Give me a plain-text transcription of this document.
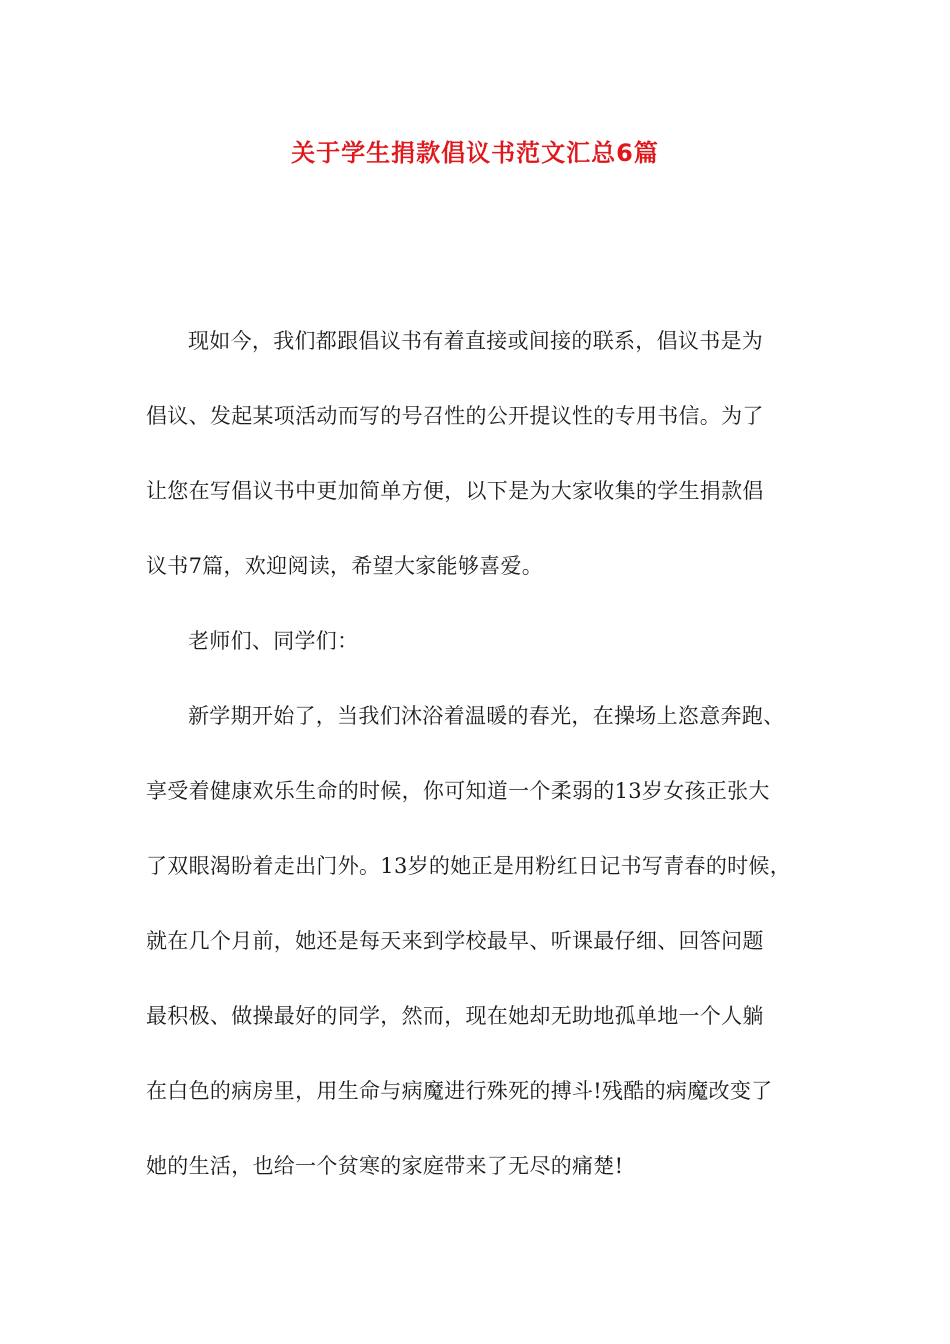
关于学生捐款倡议书范文汇总6篇
现如今，我们都跟倡议书有着直接或间接的联系，倡议书是为
倡议、发起某项活动而写的号召性的公开提议性的专用书信。为了
让您在写倡议书中更加简单方便，以下是为大家收集的学生捐款倡
议书7篇，欢迎阅读，希望大家能够喜爱。
老师们、同学们：
新学期开始了，当我们沐浴着温暖的春光，在操场上恣意奔跑、
享受着健康欢乐生命的时候，你可知道一个柔弱的13岁女孩正张大
了双眼渴盼着走出门外。13岁的她正是用粉红日记书写青春的时候，
就在几个月前，她还是每天来到学校最早、听课最仔细、回答问题
最积极、做操最好的同学，然而，现在她却无助地孤单地一个人躺
在白色的病房里，用生命与病魔进行殊死的搏斗!残酷的病魔改变了
她的生活，也给一个贫寒的家庭带来了无尽的痛楚!
